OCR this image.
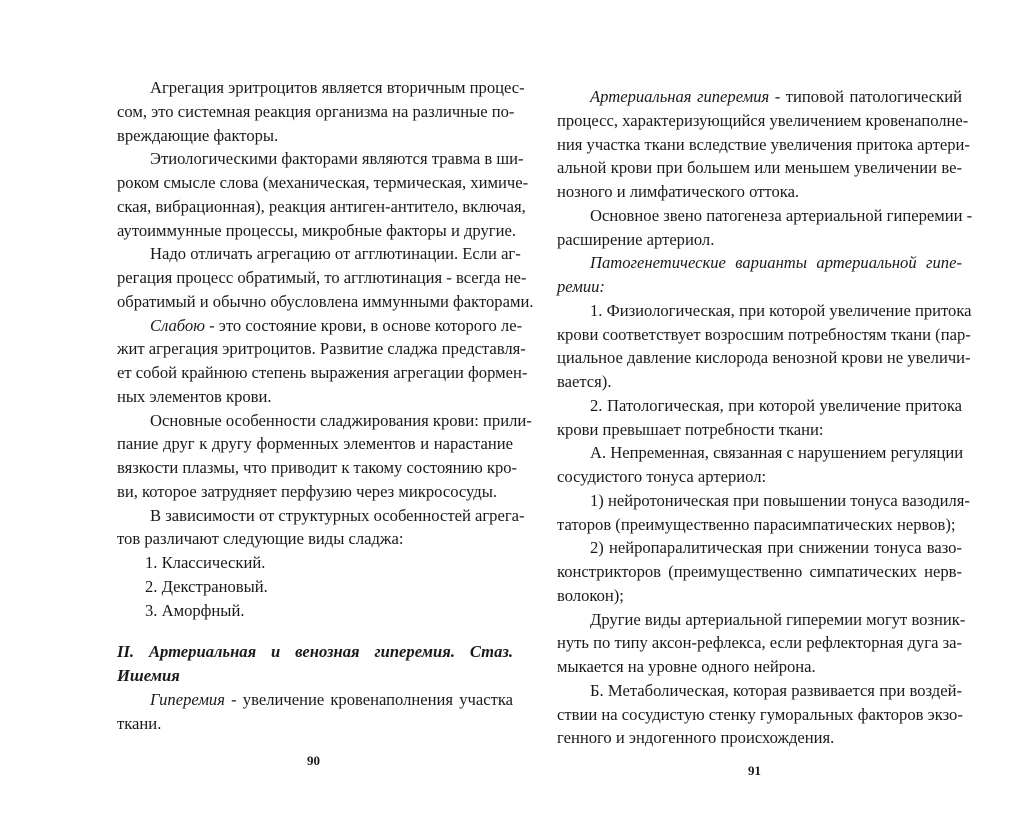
Агрегация эритроцитов является вторичным процес-
сом, это системная реакция организма на различные по-
вреждающие факторы.
Этиологическими факторами являются травма в ши-
роком смысле слова (механическая, термическая, химиче-
ская, вибрационная), реакция антиген-антитело, включая,
аутоиммунные процессы, микробные факторы и другие.
Надо отличать агрегацию от агглютинации. Если аг-
регация процесс обратимый, то агглютинация - всегда не-
обратимый и обычно обусловлена иммунными факторами.
Слабою - это состояние крови, в основе которого ле-
жит агрегация эритроцитов. Развитие сладжа представля-
ет собой крайнюю степень выражения агрегации формен-
ных элементов крови.
Основные особенности сладжирования крови: прили-
пание друг к другу форменных элементов и нарастание
вязкости плазмы, что приводит к такому состоянию кро-
ви, которое затрудняет перфузию через микрососуды.
В зависимости от структурных особенностей агрега-
тов различают следующие виды сладжа:
1. Классический.
2. Декстрановый.
3. Аморфный.
II. Артериальная и венозная гиперемия. Стаз.
Ишемия
Гиперемия - увеличение кровенаполнения участка
ткани.
Артериальная гиперемия - типовой патологический
процесс, характеризующийся увеличением кровенаполне-
ния участка ткани вследствие увеличения притока артери-
альной крови при большем или меньшем увеличении ве-
нозного и лимфатического оттока.
Основное звено патогенеза артериальной гиперемии -
расширение артериол.
Патогенетические варианты артериальной гипе-
ремии:
1. Физиологическая, при которой увеличение притока
крови соответствует возросшим потребностям ткани (пар-
циальное давление кислорода венозной крови не увеличи-
вается).
2. Патологическая, при которой увеличение притока
крови превышает потребности ткани:
А. Непременная, связанная с нарушением регуляции
сосудистого тонуса артериол:
1) нейротоническая при повышении тонуса вазодиля-
таторов (преимущественно парасимпатических нервов);
2) нейропаралитическая при снижении тонуса вазо-
констрикторов (преимущественно симпатических нерв-
волокон);
Другие виды артериальной гиперемии могут возник-
нуть по типу аксон-рефлекса, если рефлекторная дуга за-
мыкается на уровне одного нейрона.
Б. Метаболическая, которая развивается при воздей-
ствии на сосудистую стенку гуморальных факторов экзо-
генного и эндогенного происхождения.
90
91
